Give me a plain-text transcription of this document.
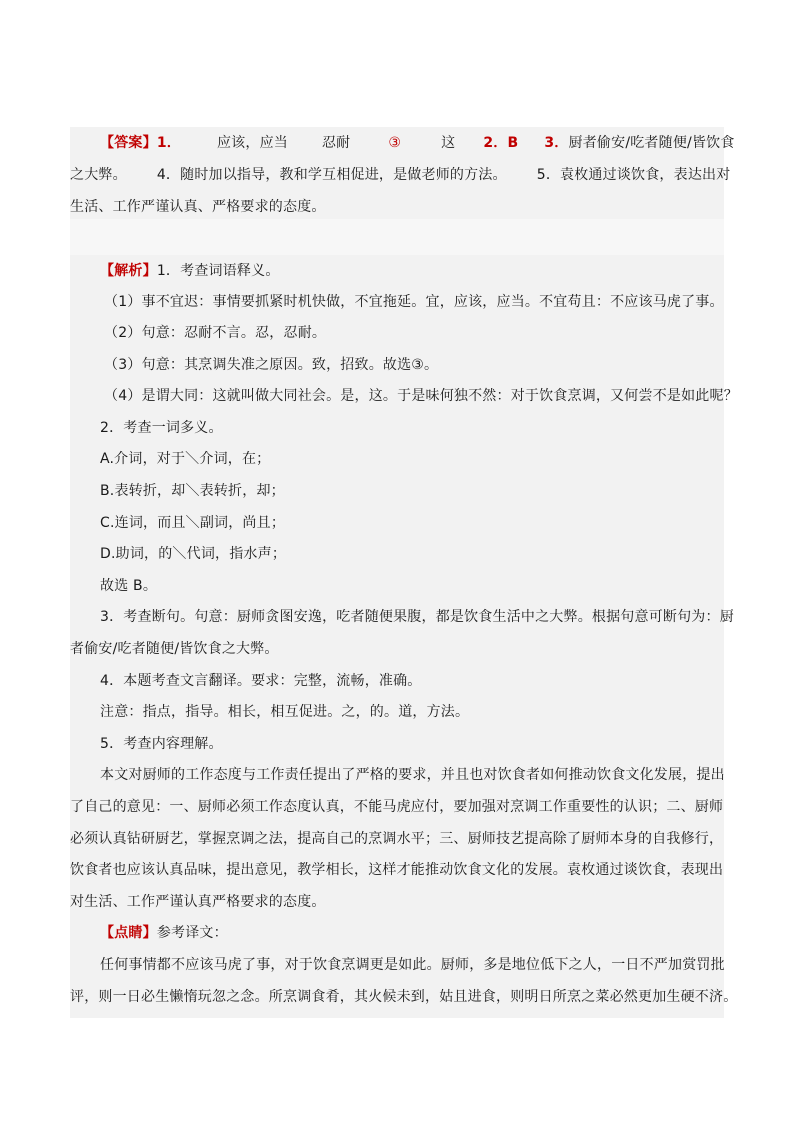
【答案】1．	应该，应当 忍耐	③	这 2．B 3．厨者偷安/吃者随便/皆饮食
之大弊。 4．随时加以指导，教和学互相促进，是做老师的方法。 5．袁枚通过谈饮食，表达出对
生活、工作严谨认真、严格要求的态度。
【解析】1．考查词语释义。
（1）事不宜迟：事情要抓紧时机快做，不宜拖延。宜，应该，应当。不宜苟且：不应该马虎了事。
（2）句意：忍耐不言。忍，忍耐。
（3）句意：其烹调失准之原因。致，招致。故选③。
（4）是谓大同：这就叫做大同社会。是，这。于是味何独不然：对于饮食烹调，又何尝不是如此呢？
2．考查一词多义。
A.介词，对于＼介词，在；
B.表转折，却＼表转折，却；
C.连词，而且＼副词，尚且；
D.助词，的＼代词，指水声；
故选 B。
3．考查断句。句意：厨师贪图安逸，吃者随便果腹，都是饮食生活中之大弊。根据句意可断句为：厨
者偷安/吃者随便/皆饮食之大弊。
4．本题考查文言翻译。要求：完整，流畅，准确。
注意：指点，指导。相长，相互促进。之，的。道，方法。
5．考查内容理解。
本文对厨师的工作态度与工作责任提出了严格的要求，并且也对饮食者如何推动饮食文化发展，提出
了自己的意见：一、厨师必须工作态度认真，不能马虎应付，要加强对烹调工作重要性的认识；二、厨师
必须认真钻研厨艺，掌握烹调之法，提高自己的烹调水平；三、厨师技艺提高除了厨师本身的自我修行，
饮食者也应该认真品味，提出意见，教学相长，这样才能推动饮食文化的发展。袁枚通过谈饮食，表现出
对生活、工作严谨认真严格要求的态度。
【点睛】参考译文：
任何事情都不应该马虎了事，对于饮食烹调更是如此。厨师，多是地位低下之人，一日不严加赏罚批
评，则一日必生懒惰玩忽之念。所烹调食肴，其火候未到，姑且进食，则明日所烹之菜必然更加生硬不济。
